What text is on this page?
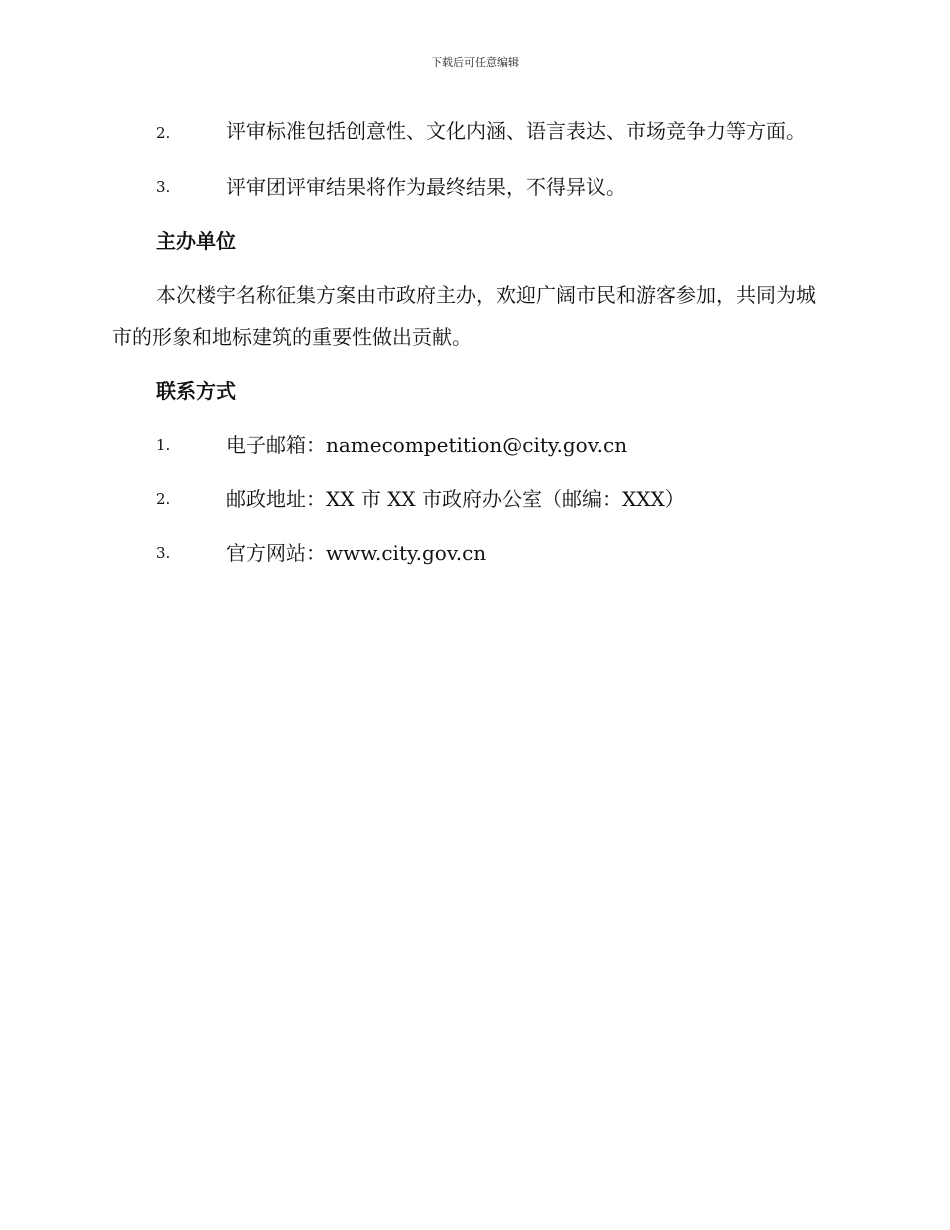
下载后可任意编辑
2.	评审标准包括创意性、文化内涵、语言表达、市场竞争力等方面。
3.	评审团评审结果将作为最终结果，不得异议。
主办单位

本次楼宇名称征集方案由市政府主办，欢迎广阔市民和游客参加，共同为城市的形象和地标建筑的重要性做出贡献。

联系方式
1.	电子邮箱：namecompetition@city.gov.cn
2.	邮政地址：XX 市 XX 市政府办公室（邮编：XXX）
3.	官方网站：www.city.gov.cn
